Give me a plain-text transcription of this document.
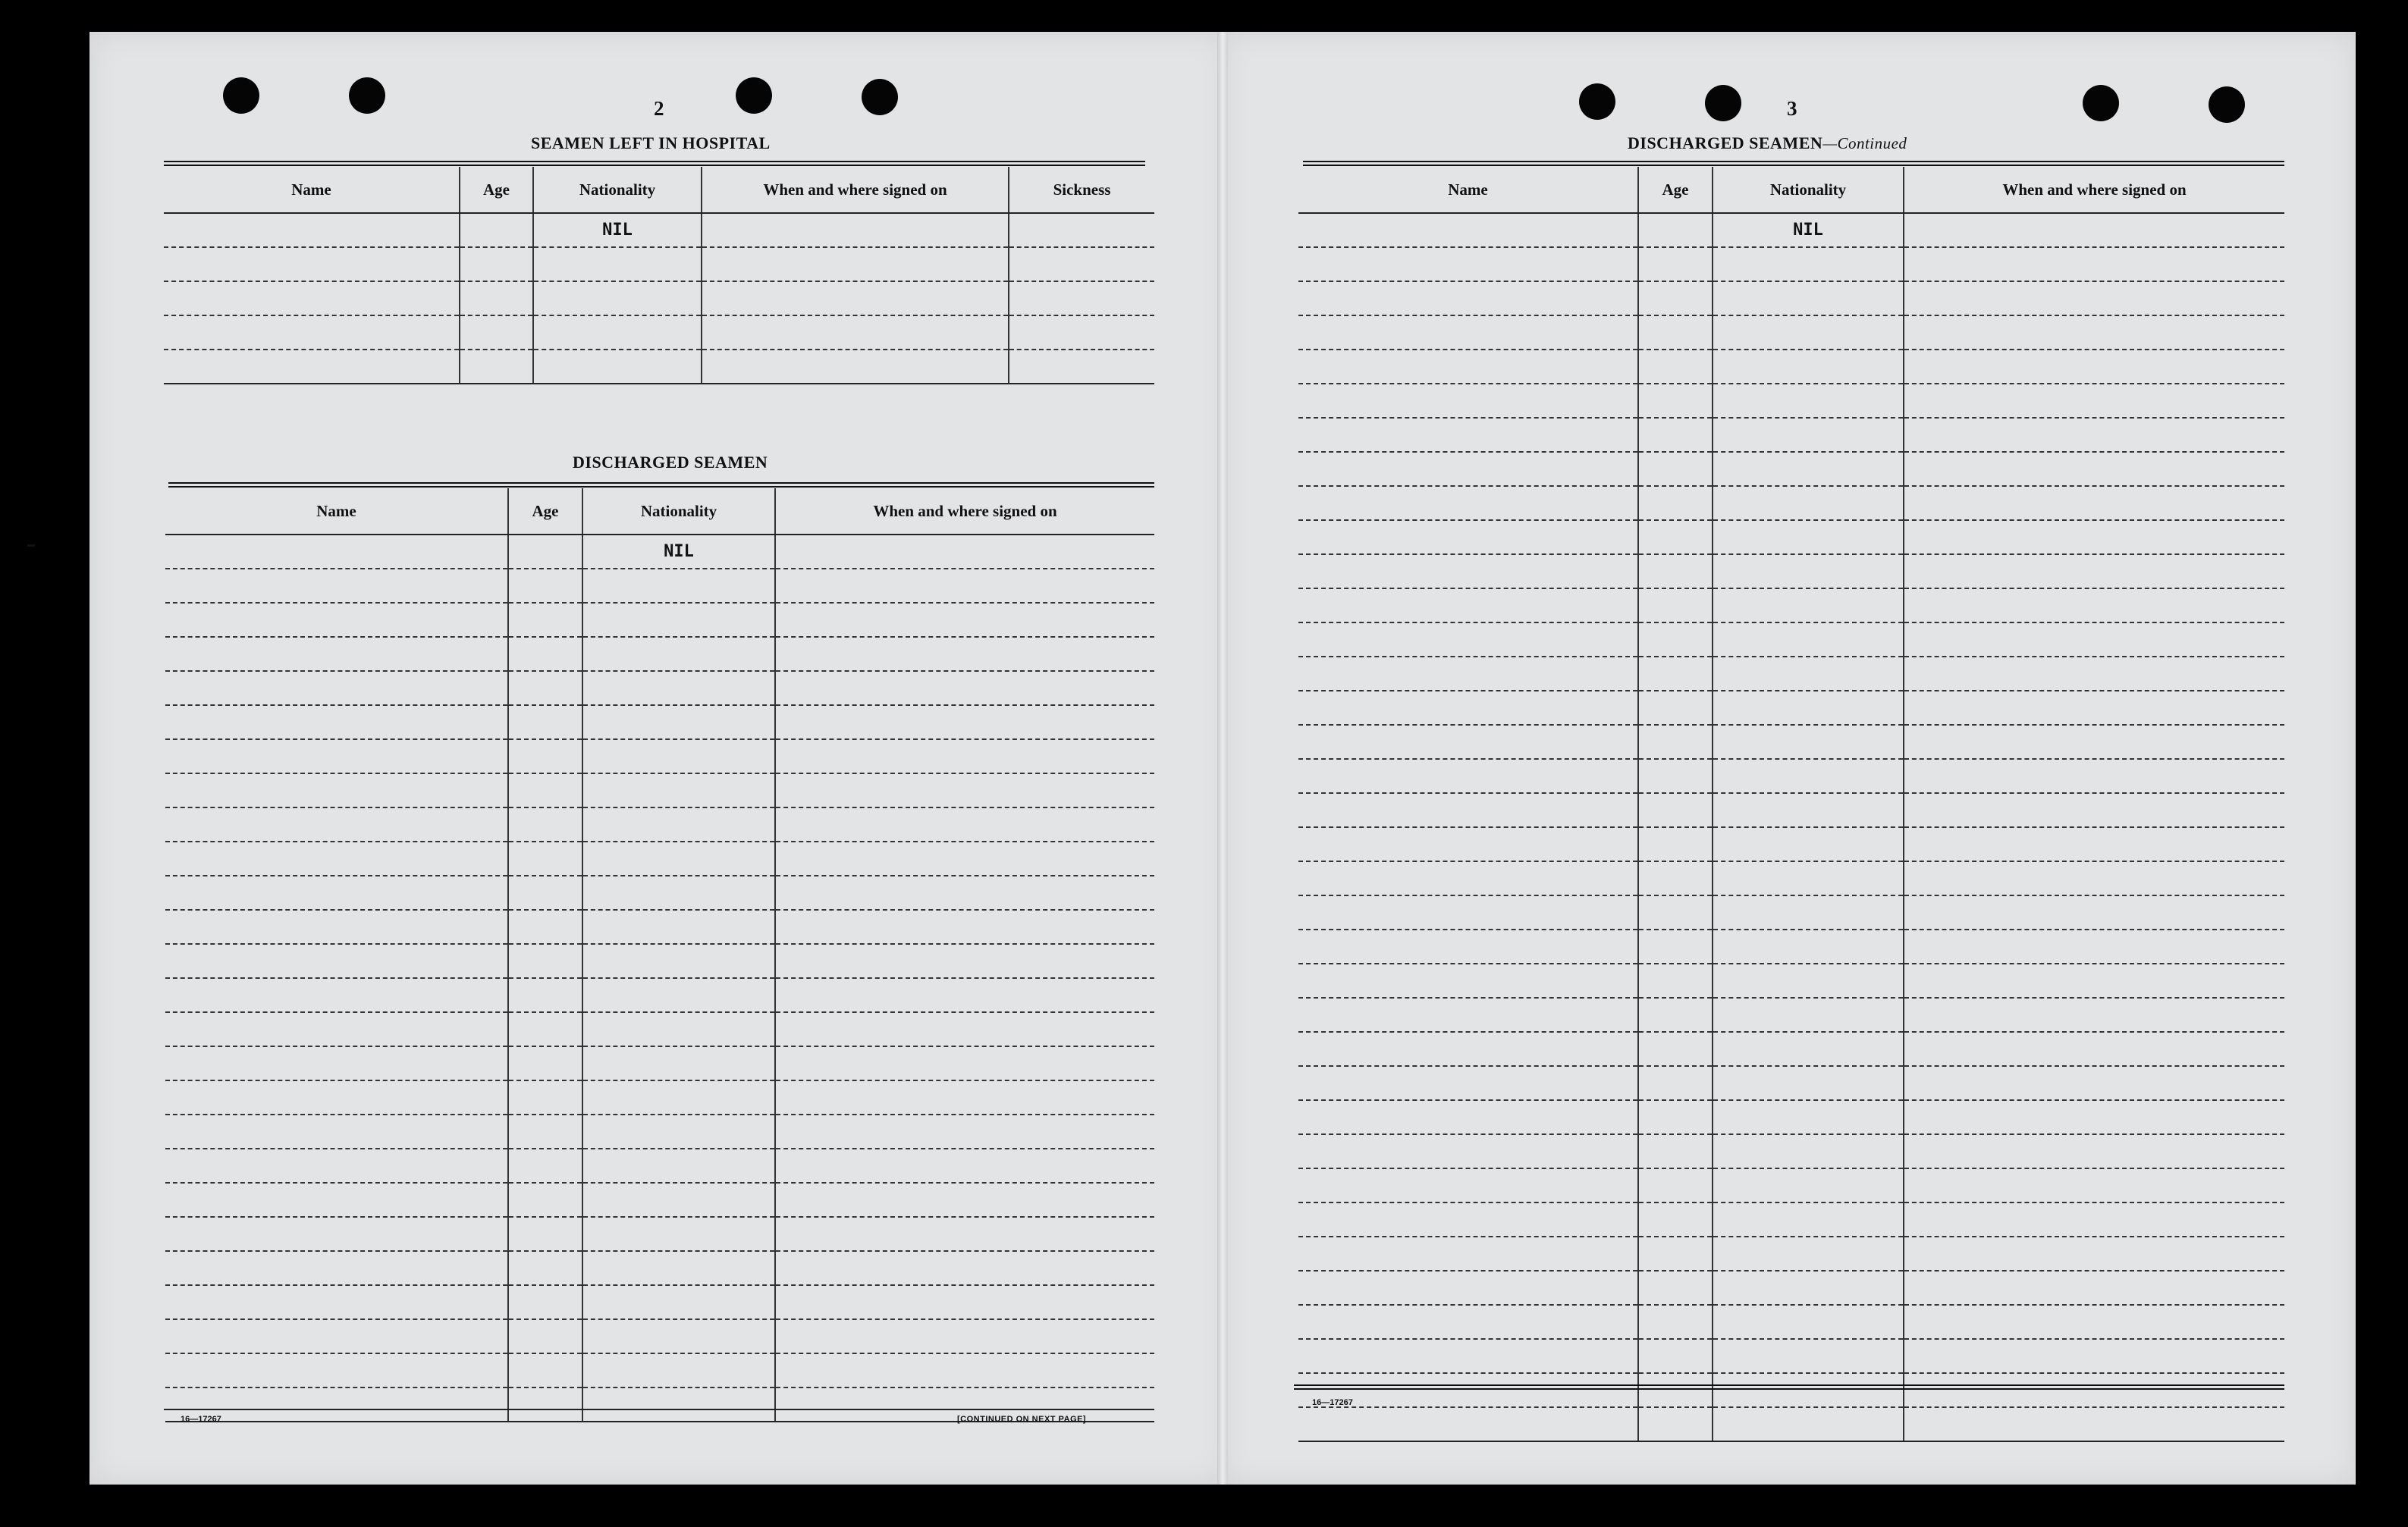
2
SEAMEN LEFT IN HOSPITAL
Name	Age	Nationality	When and where signed on	Sickness
		NIL		

DISCHARGED SEAMEN
Name	Age	Nationality	When and where signed on
		NIL	

16—17267	[CONTINUED ON NEXT PAGE]
3
DISCHARGED SEAMEN—Continued
Name	Age	Nationality	When and where signed on
		NIL	

16—17267
